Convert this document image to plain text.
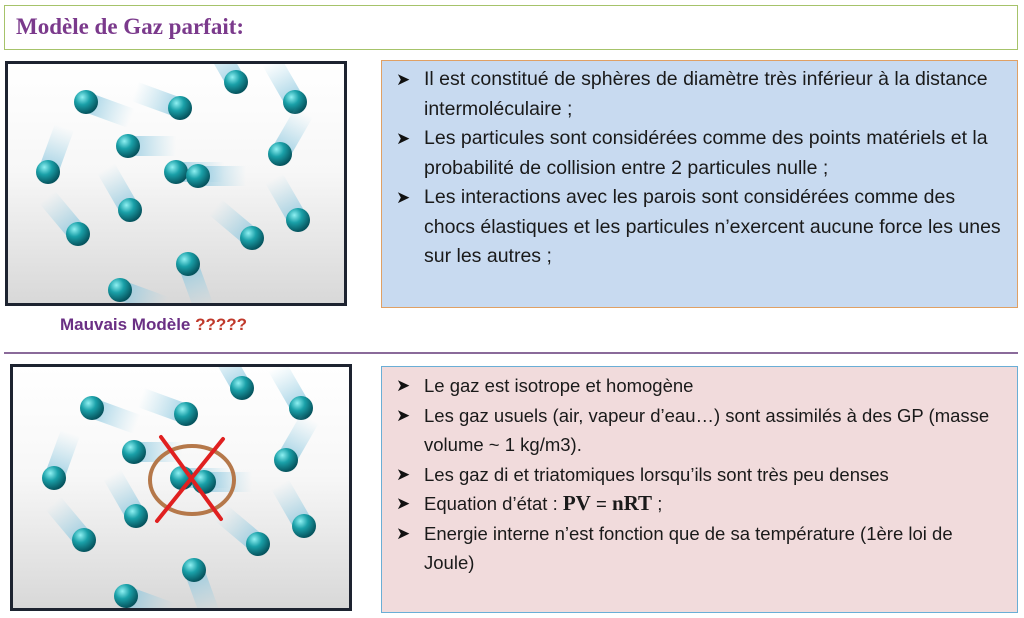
Modèle de Gaz parfait:
Mauvais Modèle ?????
➤ Il est constitué de sphères de diamètre très inférieur à la distance intermoléculaire ;
➤ Les particules sont considérées comme des points matériels et la probabilité de collision entre 2 particules nulle ;
➤ Les interactions avec les parois sont considérées comme des chocs élastiques et les particules n’exercent aucune force les unes sur les autres ;
➤ Le gaz est isotrope et homogène
➤ Les gaz usuels (air, vapeur d’eau…) sont assimilés à des GP (masse volume ~ 1 kg/m3).
➤ Les gaz di et triatomiques lorsqu’ils sont très peu denses
➤ Equation d’état : PV = nRT ;
➤ Energie interne n’est fonction que de sa température (1ère loi de Joule)
